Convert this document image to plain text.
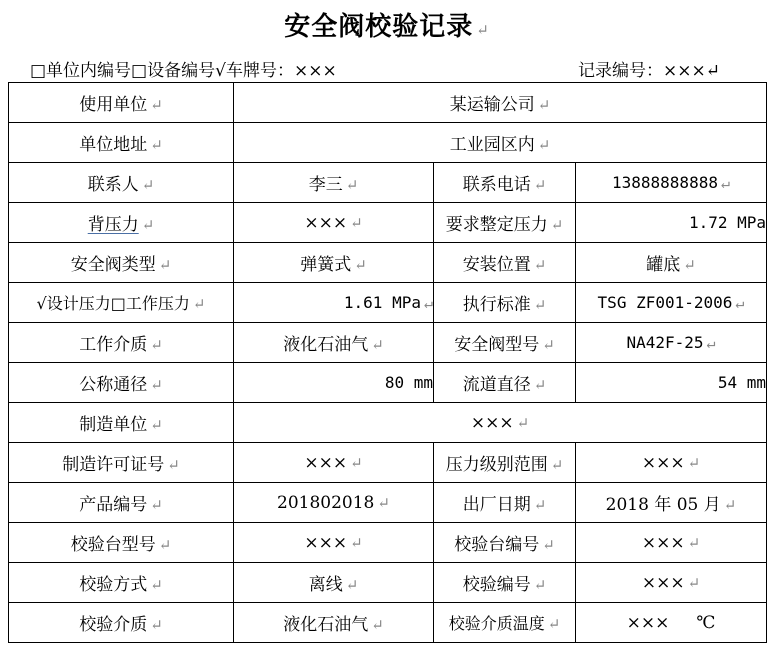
安全阀校验记录 ↵
□单位内编号□设备编号√车牌号：×××	记录编号：×××↵
使用单位 ↵	某运输公司 ↵		
单位地址 ↵	工业园区内 ↵		
联系人 ↵	李三 ↵	联系电话 ↵	13888888888 ↵
背压力 ↵	××× ↵	要求整定压力 ↵	1.72 MPa
安全阀类型 ↵	弹簧式 ↵	安装位置 ↵	罐底 ↵
√设计压力□工作压力 ↵	1.61 MPa ↵	执行标准 ↵	TSG ZF001-2006 ↵
工作介质 ↵	液化石油气 ↵	安全阀型号 ↵	NA42F-25 ↵
公称通径 ↵	80 mm	流道直径 ↵	54 mm
制造单位 ↵	××× ↵		
制造许可证号 ↵	××× ↵	压力级别范围 ↵	××× ↵
产品编号 ↵	201802018 ↵	出厂日期 ↵	2018 年 05 月 ↵
校验台型号 ↵	××× ↵	校验台编号 ↵	××× ↵
校验方式 ↵	离线 ↵	校验编号 ↵	××× ↵
校验介质 ↵	液化石油气 ↵	校验介质温度 ↵	××× ℃
